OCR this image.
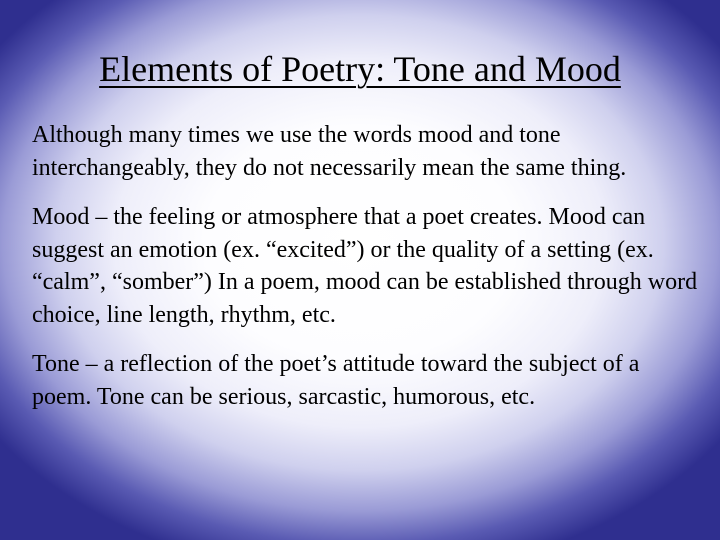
Elements of Poetry: Tone and Mood

Although many times we use the words mood and tone interchangeably, they do not necessarily mean the same thing.

Mood – the feeling or atmosphere that a poet creates. Mood can suggest an emotion (ex. “excited”) or the quality of a setting (ex. “calm”, “somber”) In a poem, mood can be established through word choice, line length, rhythm, etc.

Tone – a reflection of the poet’s attitude toward the subject of a poem. Tone can be serious, sarcastic, humorous, etc.
